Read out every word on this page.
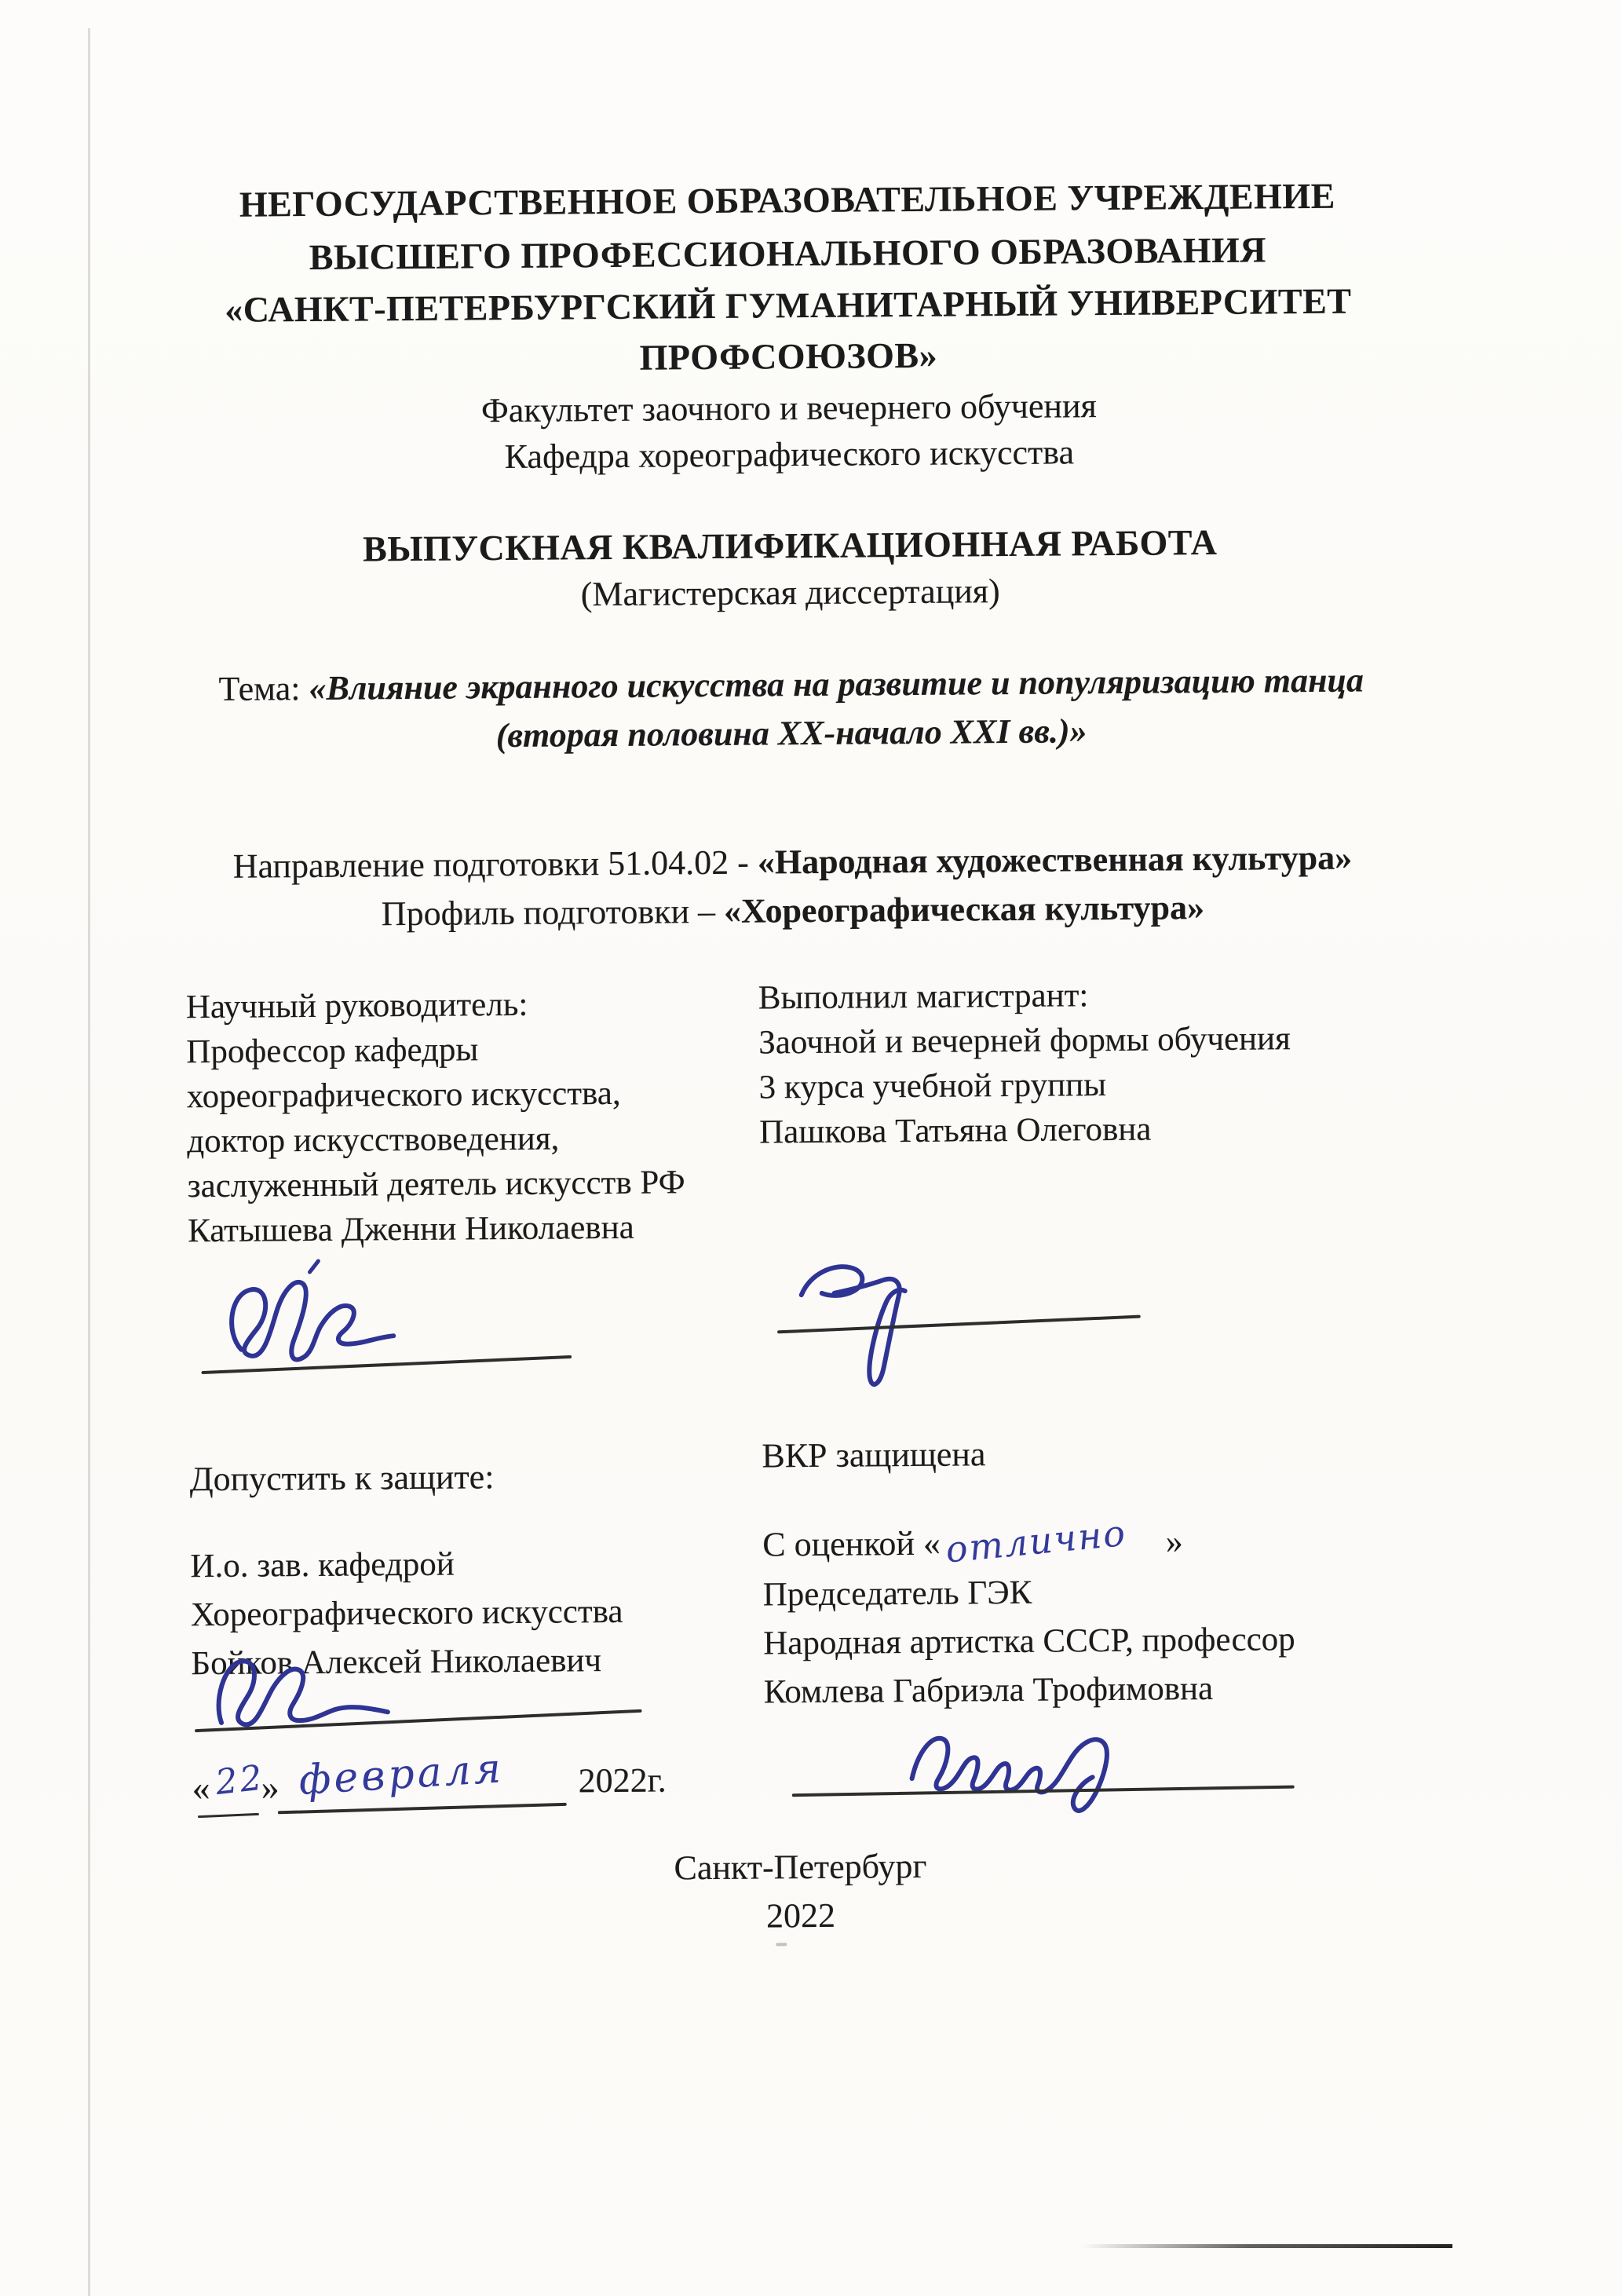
НЕГОСУДАРСТВЕННОЕ ОБРАЗОВАТЕЛЬНОЕ УЧРЕЖДЕНИЕ
ВЫСШЕГО ПРОФЕССИОНАЛЬНОГО ОБРАЗОВАНИЯ
«САНКТ-ПЕТЕРБУРГСКИЙ ГУМАНИТАРНЫЙ УНИВЕРСИТЕТ
ПРОФСОЮЗОВ»
Факультет заочного и вечернего обучения
Кафедра хореографического искусства
ВЫПУСКНАЯ КВАЛИФИКАЦИОННАЯ РАБОТА
(Магистерская диссертация)
Тема: «Влияние экранного искусства на развитие и популяризацию танца
(вторая половина XX-начало XXI вв.)»
Направление подготовки 51.04.02 - «Народная художественная культура»
Профиль подготовки – «Хореографическая культура»
Научный руководитель:
Профессор кафедры
хореографического искусства,
доктор искусствоведения,
заслуженный деятель искусств РФ
Катышева Дженни Николаевна
Выполнил магистрант:
Заочной и вечерней формы обучения
3 курса учебной группы
Пашкова Татьяна Олеговна
Допустить к защите:
ВКР защищена
С оценкой « отлично »
Председатель ГЭК
Народная артистка СССР, профессор
Комлева Габриэла Трофимовна
И.о. зав. кафедрой
Хореографического искусства
Бойков Алексей Николаевич
« 22
» февраля 2022г.
Санкт-Петербург
2022
